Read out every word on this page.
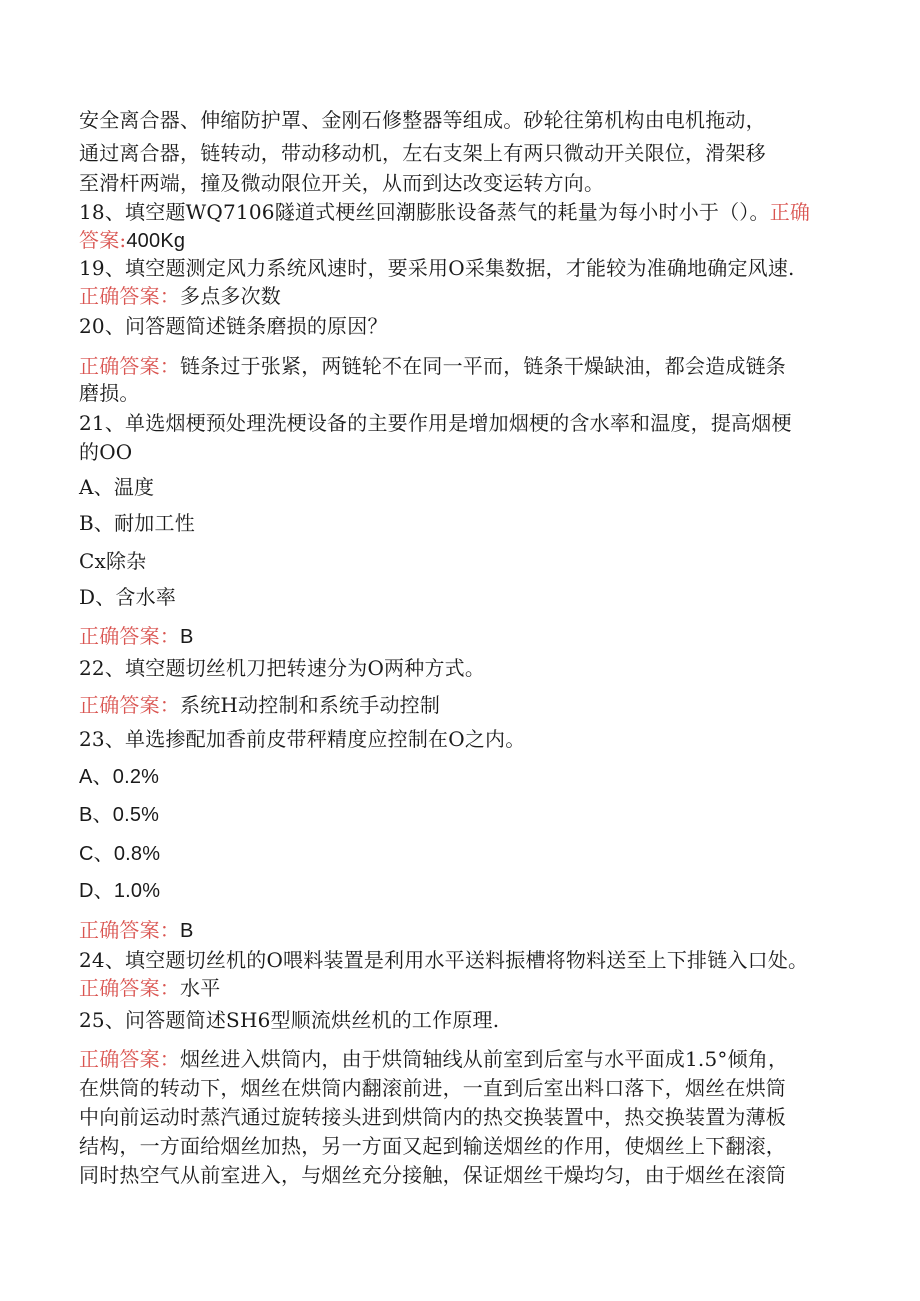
安全离合器、伸缩防护罩、金刚石修整器等组成。砂轮往第机构由电机拖动，
通过离合器，链转动，带动移动机，左右支架上有两只微动开关限位，滑架移
至滑杆两端，撞及微动限位开关，从而到达改变运转方向。
18、填空题WQ7106隧道式梗丝回潮膨胀设备蒸气的耗量为每小时小于（）。正确
答案:400Kg
19、填空题测定风力系统风速时，要采用O采集数据，才能较为准确地确定风速.
正确答案：多点多次数
20、问答题简述链条磨损的原因？
正确答案：链条过于张紧，两链轮不在同一平而，链条干燥缺油，都会造成链条
磨损。
21、单选烟梗预处理洗梗设备的主要作用是增加烟梗的含水率和温度，提高烟梗
的OO
A、温度
B、耐加工性
Cx除杂
D、含水率
正确答案：B
22、填空题切丝机刀把转速分为O两种方式。
正确答案：系统H动控制和系统手动控制
23、单选掺配加香前皮带秤精度应控制在O之内。
A、0.2%
B、0.5%
C、0.8%
D、1.0%
正确答案：B
24、填空题切丝机的O喂料装置是利用水平送料振槽将物料送至上下排链入口处。
正确答案：水平
25、问答题简述SH6型顺流烘丝机的工作原理.
正确答案：烟丝进入烘筒内，由于烘筒轴线从前室到后室与水平面成1.5°倾角，
在烘筒的转动下，烟丝在烘筒内翻滚前进，一直到后室出料口落下，烟丝在烘筒
中向前运动时蒸汽通过旋转接头进到烘筒内的热交换装置中，热交换装置为薄板
结构，一方面给烟丝加热，另一方面又起到输送烟丝的作用，使烟丝上下翻滚，
同时热空气从前室进入，与烟丝充分接触，保证烟丝干燥均匀，由于烟丝在滚筒
